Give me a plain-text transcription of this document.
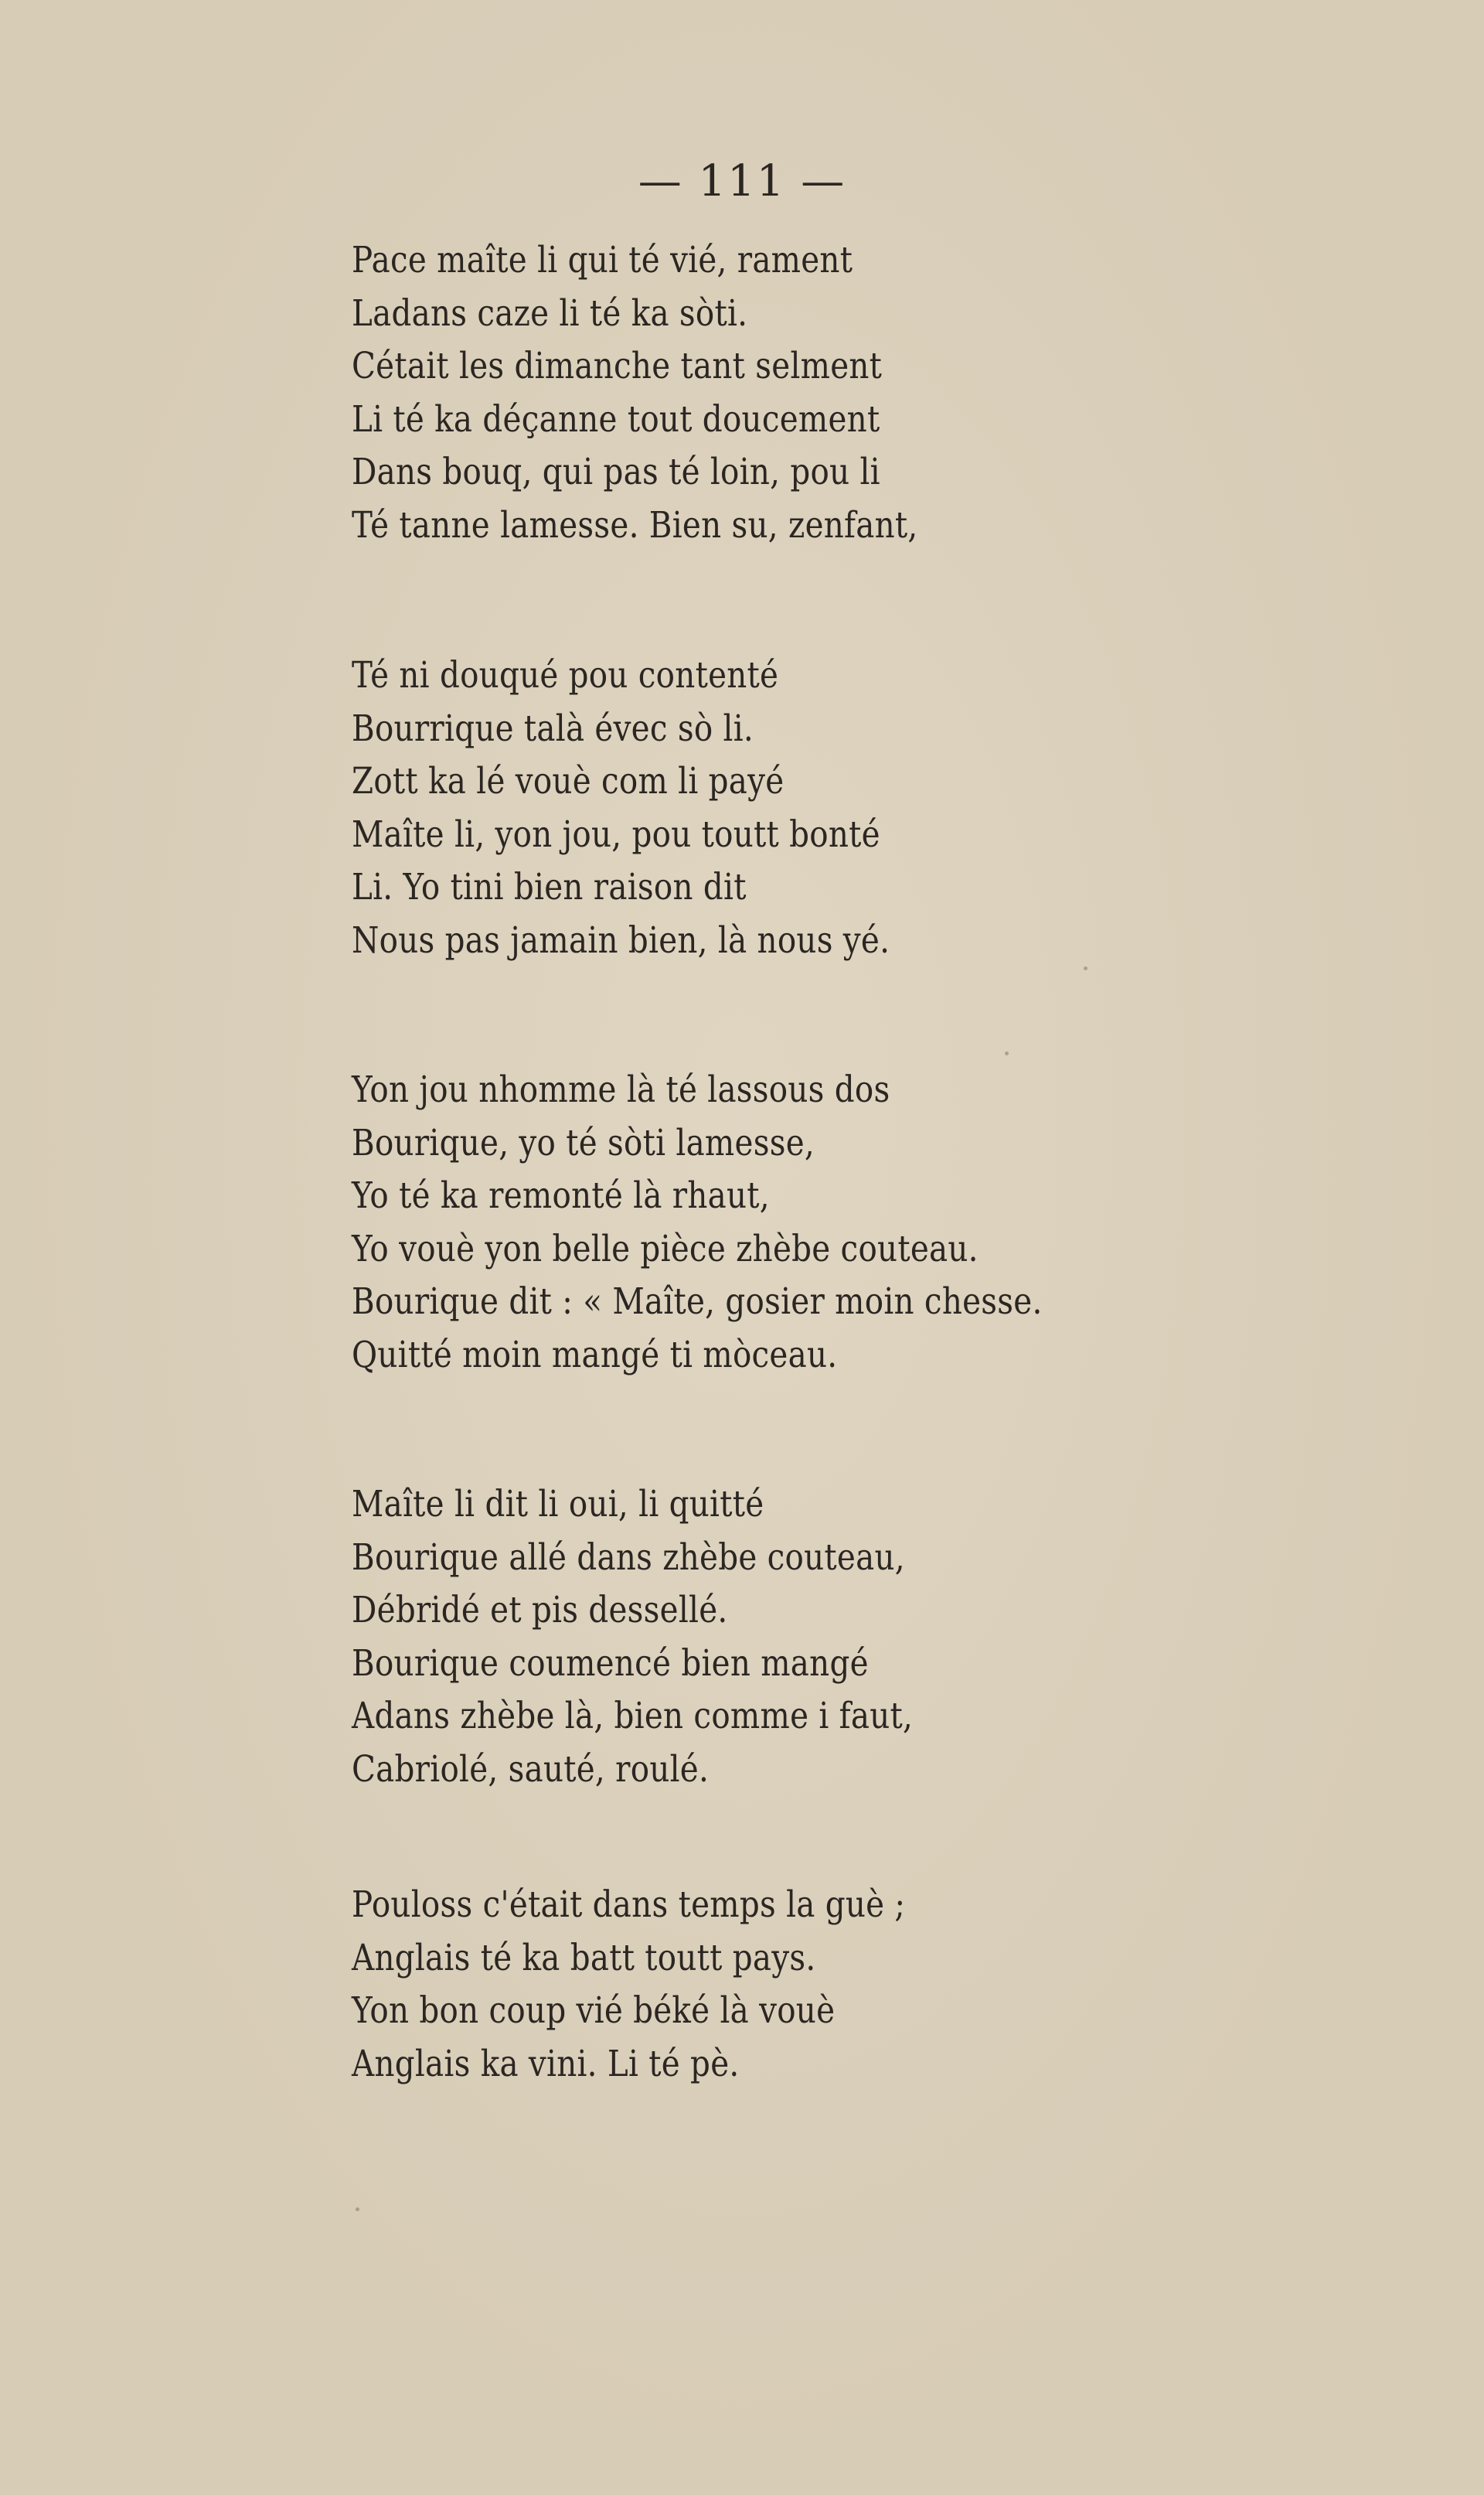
— 111 —
Pace maîte li qui té vié, rament
Ladans caze li té ka sòti.
Cétait les dimanche tant selment
Li té ka déçanne tout doucement
Dans bouq, qui pas té loin, pou li
Té tanne lamesse. Bien su, zenfant,
Té ni douqué pou contenté
Bourrique talà évec sò li.
Zott ka lé vouè com li payé
Maîte li, yon jou, pou toutt bonté
Li. Yo tini bien raison dit
Nous pas jamain bien, là nous yé.
Yon jou nhomme là té lassous dos
Bourique, yo té sòti lamesse,
Yo té ka remonté là rhaut,
Yo vouè yon belle pièce zhèbe couteau.
Bourique dit : « Maîte, gosier moin chesse.
Quitté moin mangé ti mòceau.
Maîte li dit li oui, li quitté
Bourique allé dans zhèbe couteau,
Débridé et pis dessellé.
Bourique coumencé bien mangé
Adans zhèbe là, bien comme i faut,
Cabriolé, sauté, roulé.
Pouloss c'était dans temps la guè ;
Anglais té ka batt toutt pays.
Yon bon coup vié béké là vouè
Anglais ka vini. Li té pè.
